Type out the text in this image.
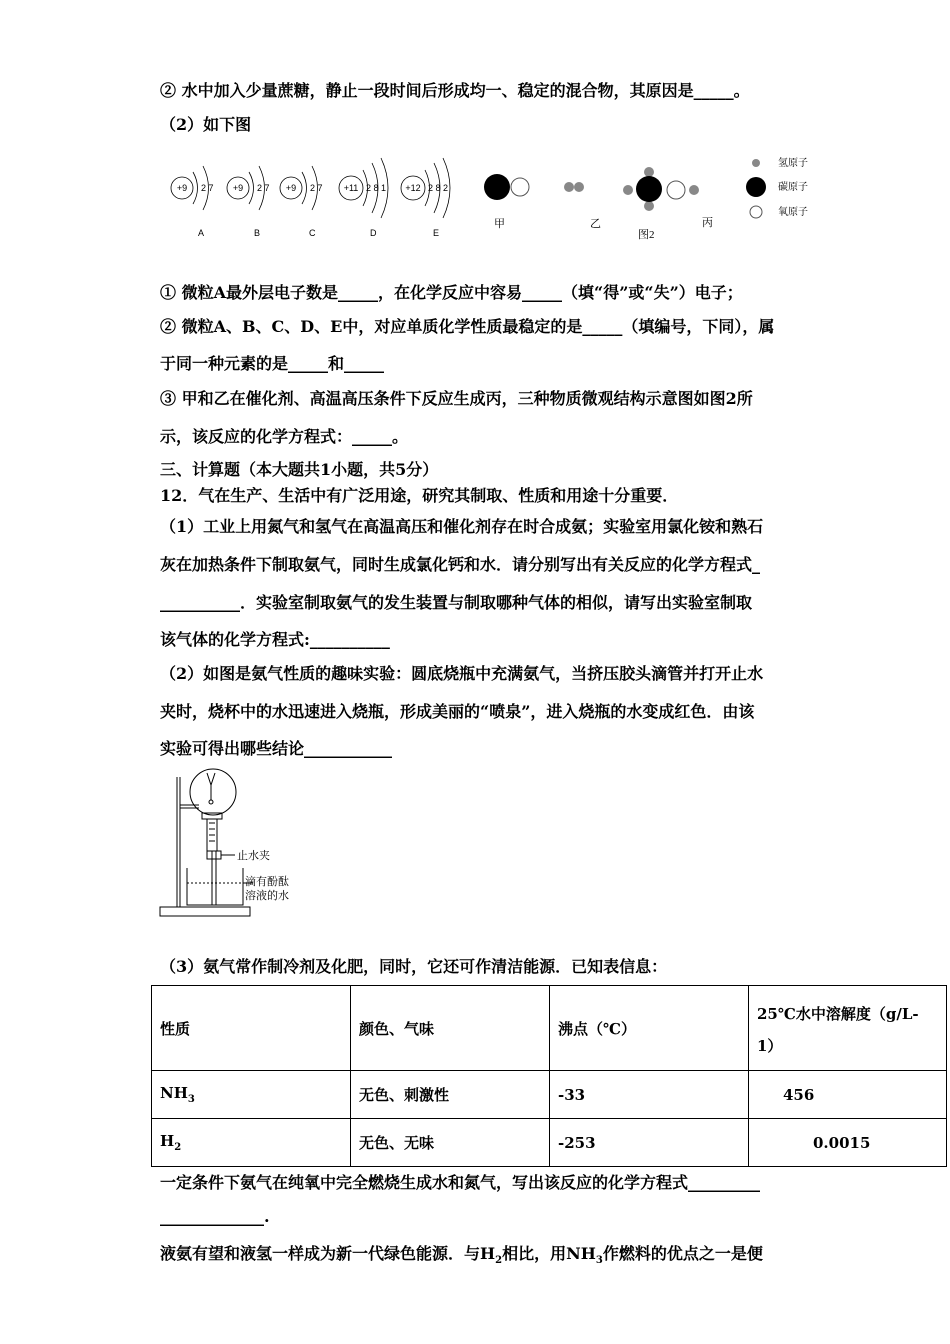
② 水中加入少量蔗糖，静止一段时间后形成均一、稳定的混合物，其原因是_____。
（2）如下图
+9 2 7
A
+9 2 7
B
+9 2 7
C
+11 2 8 1
D
+12 2 8 2
E
甲	乙
图2
丙
氢原子
碳原子
氧原子
① 微粒A最外层电子数是_____，在化学反应中容易_____（填“得”或“失”）电子；
② 微粒A、B、C、D、E中，对应单质化学性质最稳定的是_____（填编号，下同），属
于同一种元素的是_____和_____
③ 甲和乙在催化剂、高温高压条件下反应生成丙，三种物质微观结构示意图如图2所
示，该反应的化学方程式：_____。
三、计算题（本大题共1小题，共5分）
12．气在生产、生活中有广泛用途，研究其制取、性质和用途十分重要．
（1）工业上用氮气和氢气在高温高压和催化剂存在时合成氨；实验室用氯化铵和熟石
灰在加热条件下制取氨气，同时生成氯化钙和水．请分别写出有关反应的化学方程式_
__________．实验室制取氨气的发生装置与制取哪种气体的相似，请写出实验室制取
该气体的化学方程式:__________
（2）如图是氨气性质的趣味实验：圆底烧瓶中充满氨气，当挤压胶头滴管并打开止水
夹时，烧杯中的水迅速进入烧瓶，形成美丽的“喷泉”，进入烧瓶的水变成红色．由该
实验可得出哪些结论___________
止水夹
滴有酚酞
溶液的水
（3）氨气常作制冷剂及化肥，同时，它还可作清洁能源．已知表信息：
性质	颜色、气味	沸点（℃）	25℃水中溶解度（g/L-
1）

$NH_3$	无色、刺激性	-33	456
$H_2$	无色、无味	-253	0.0015
一定条件下氨气在纯氧中完全燃烧生成水和氮气，写出该反应的化学方程式_________
_____________.
液氨有望和液氢一样成为新一代绿色能源．与$H_2$相比，用$NH_3$作燃料的优点之一是便
